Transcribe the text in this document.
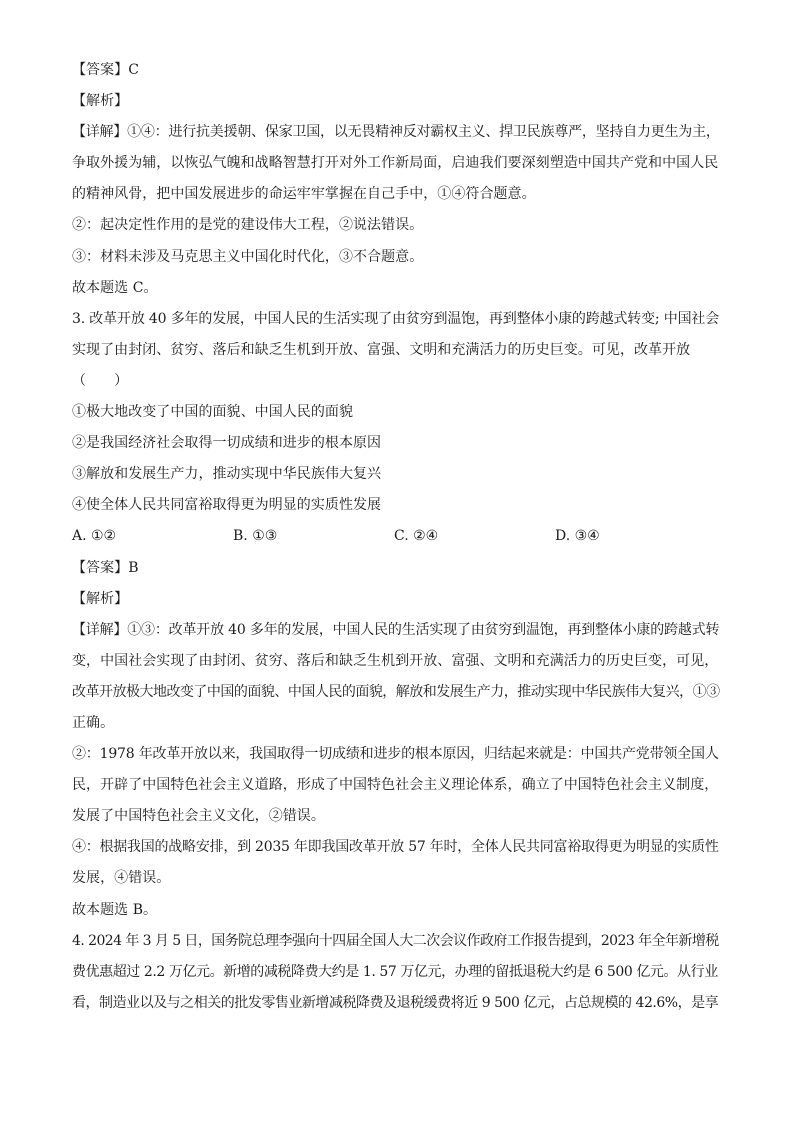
【答案】C
【解析】
【详解】①④：进行抗美援朝、保家卫国，以无畏精神反对霸权主义、捍卫民族尊严，坚持自力更生为主，
争取外援为辅，以恢弘气魄和战略智慧打开对外工作新局面，启迪我们要深刻塑造中国共产党和中国人民
的精神风骨，把中国发展进步的命运牢牢掌握在自己手中，①④符合题意。
②：起决定性作用的是党的建设伟大工程，②说法错误。
③：材料未涉及马克思主义中国化时代化，③不合题意。
故本题选 C。
3. 改革开放 40 多年的发展，中国人民的生活实现了由贫穷到温饱，再到整体小康的跨越式转变; 中国社会
实现了由封闭、贫穷、落后和缺乏生机到开放、富强、文明和充满活力的历史巨变。可见，改革开放
（　　）
①极大地改变了中国的面貌、中国人民的面貌
②是我国经济社会取得一切成绩和进步的根本原因
③解放和发展生产力，推动实现中华民族伟大复兴
④使全体人民共同富裕取得更为明显的实质性发展
A. ①②	B. ①③	C. ②④	D. ③④
【答案】B
【解析】
【详解】①③：改革开放 40 多年的发展，中国人民的生活实现了由贫穷到温饱，再到整体小康的跨越式转
变，中国社会实现了由封闭、贫穷、落后和缺乏生机到开放、富强、文明和充满活力的历史巨变，可见，
改革开放极大地改变了中国的面貌、中国人民的面貌，解放和发展生产力，推动实现中华民族伟大复兴，①③
正确。
②：1978 年改革开放以来，我国取得一切成绩和进步的根本原因，归结起来就是：中国共产党带领全国人
民，开辟了中国特色社会主义道路，形成了中国特色社会主义理论体系，确立了中国特色社会主义制度，
发展了中国特色社会主义文化，②错误。
④：根据我国的战略安排，到 2035 年即我国改革开放 57 年时，全体人民共同富裕取得更为明显的实质性
发展，④错误。
故本题选 B。
4. 2024 年 3 月 5 日，国务院总理李强向十四届全国人大二次会议作政府工作报告提到，2023 年全年新增税
费优惠超过 2.2 万亿元。新增的减税降费大约是 1. 57 万亿元，办理的留抵退税大约是 6 500 亿元。从行业
看，制造业以及与之相关的批发零售业新增减税降费及退税缓费将近 9 500 亿元，占总规模的 42.6%，是享
